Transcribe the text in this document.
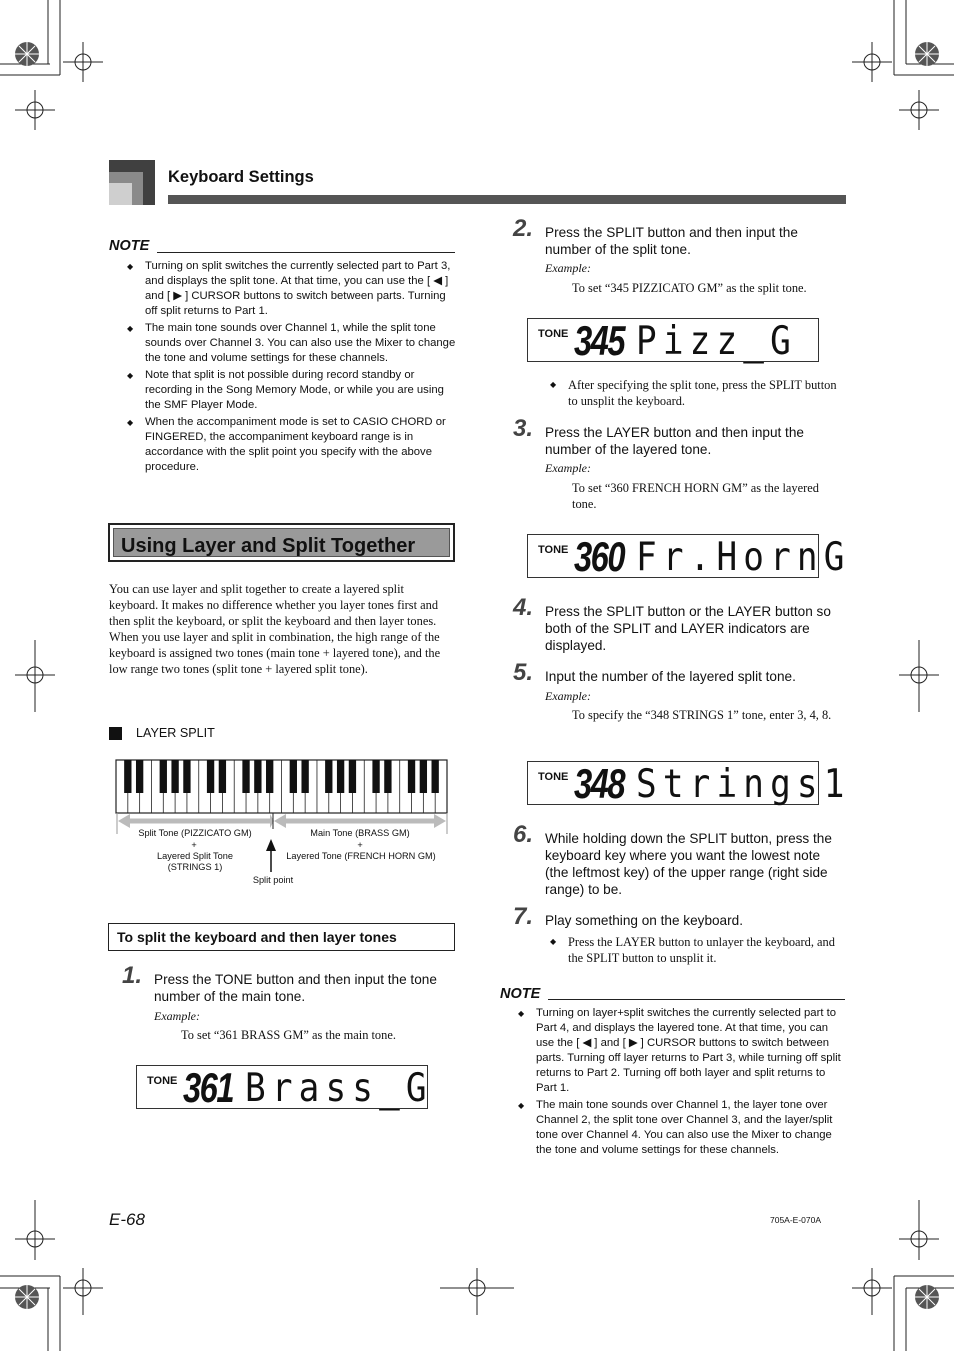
Keyboard Settings
NOTE
◆ Turning on split switches the currently selected part to Part 3, and displays the split tone. At that time, you can use the [ ◀ ] and [ ▶ ] CURSOR buttons to switch between parts. Turning off split returns to Part 1.
◆ The main tone sounds over Channel 1, while the split tone sounds over Channel 3. You can also use the Mixer to change the tone and volume settings for these channels.
◆ Note that split is not possible during record standby or recording in the Song Memory Mode, or while you are using the SMF Player Mode.
◆ When the accompaniment mode is set to CASIO CHORD or FINGERED, the accompaniment keyboard range is in accordance with the split point you specify with the above procedure.
Using Layer and Split Together
You can use layer and split together to create a layered split keyboard. It makes no difference whether you layer tones first and then split the keyboard, or split the keyboard and then layer tones. When you use layer and split in combination, the high range of the keyboard is assigned two tones (main tone + layered tone), and the low range two tones (split tone + layered split tone).
LAYER SPLIT
Split Tone (PIZZICATO GM)	Main Tone (BRASS GM)
+	+
Layered Split Tone
(STRINGS 1)
Layered Tone (FRENCH HORN GM)
Split point
To split the keyboard and then layer tones
1. Press the TONE button and then input the tone number of the main tone.
Example:
To set “361 BRASS GM” as the main tone.
TONE 361 Brass_G
2. Press the SPLIT button and then input the number of the split tone.
Example:
To set “345 PIZZICATO GM” as the split tone.
TONE 345 Pizz_G
◆ After specifying the split tone, press the SPLIT button to unsplit the keyboard.
3. Press the LAYER button and then input the number of the layered tone.
Example:
To set “360 FRENCH HORN GM” as the layered tone.
TONE 360 Fr.HornG
4. Press the SPLIT button or the LAYER button so both of the SPLIT and LAYER indicators are displayed.
5. Input the number of the layered split tone.
Example:
To specify the “348 STRINGS 1” tone, enter 3, 4, 8.
TONE 348 Strings1
6. While holding down the SPLIT button, press the keyboard key where you want the lowest note (the leftmost key) of the upper range (right side range) to be.
7. Play something on the keyboard.
◆ Press the LAYER button to unlayer the keyboard, and the SPLIT button to unsplit it.
NOTE
◆ Turning on layer+split switches the currently selected part to Part 4, and displays the layered tone. At that time, you can use the [ ◀ ] and [ ▶ ] CURSOR buttons to switch between parts. Turning off layer returns to Part 3, while turning off split returns to Part 2. Turning off both layer and split returns to Part 1.
◆ The main tone sounds over Channel 1, the layer tone over Channel 2, the split tone over Channel 3, and the layer/split tone over Channel 4. You can also use the Mixer to change the tone and volume settings for these channels.
E-68	705A-E-070A
